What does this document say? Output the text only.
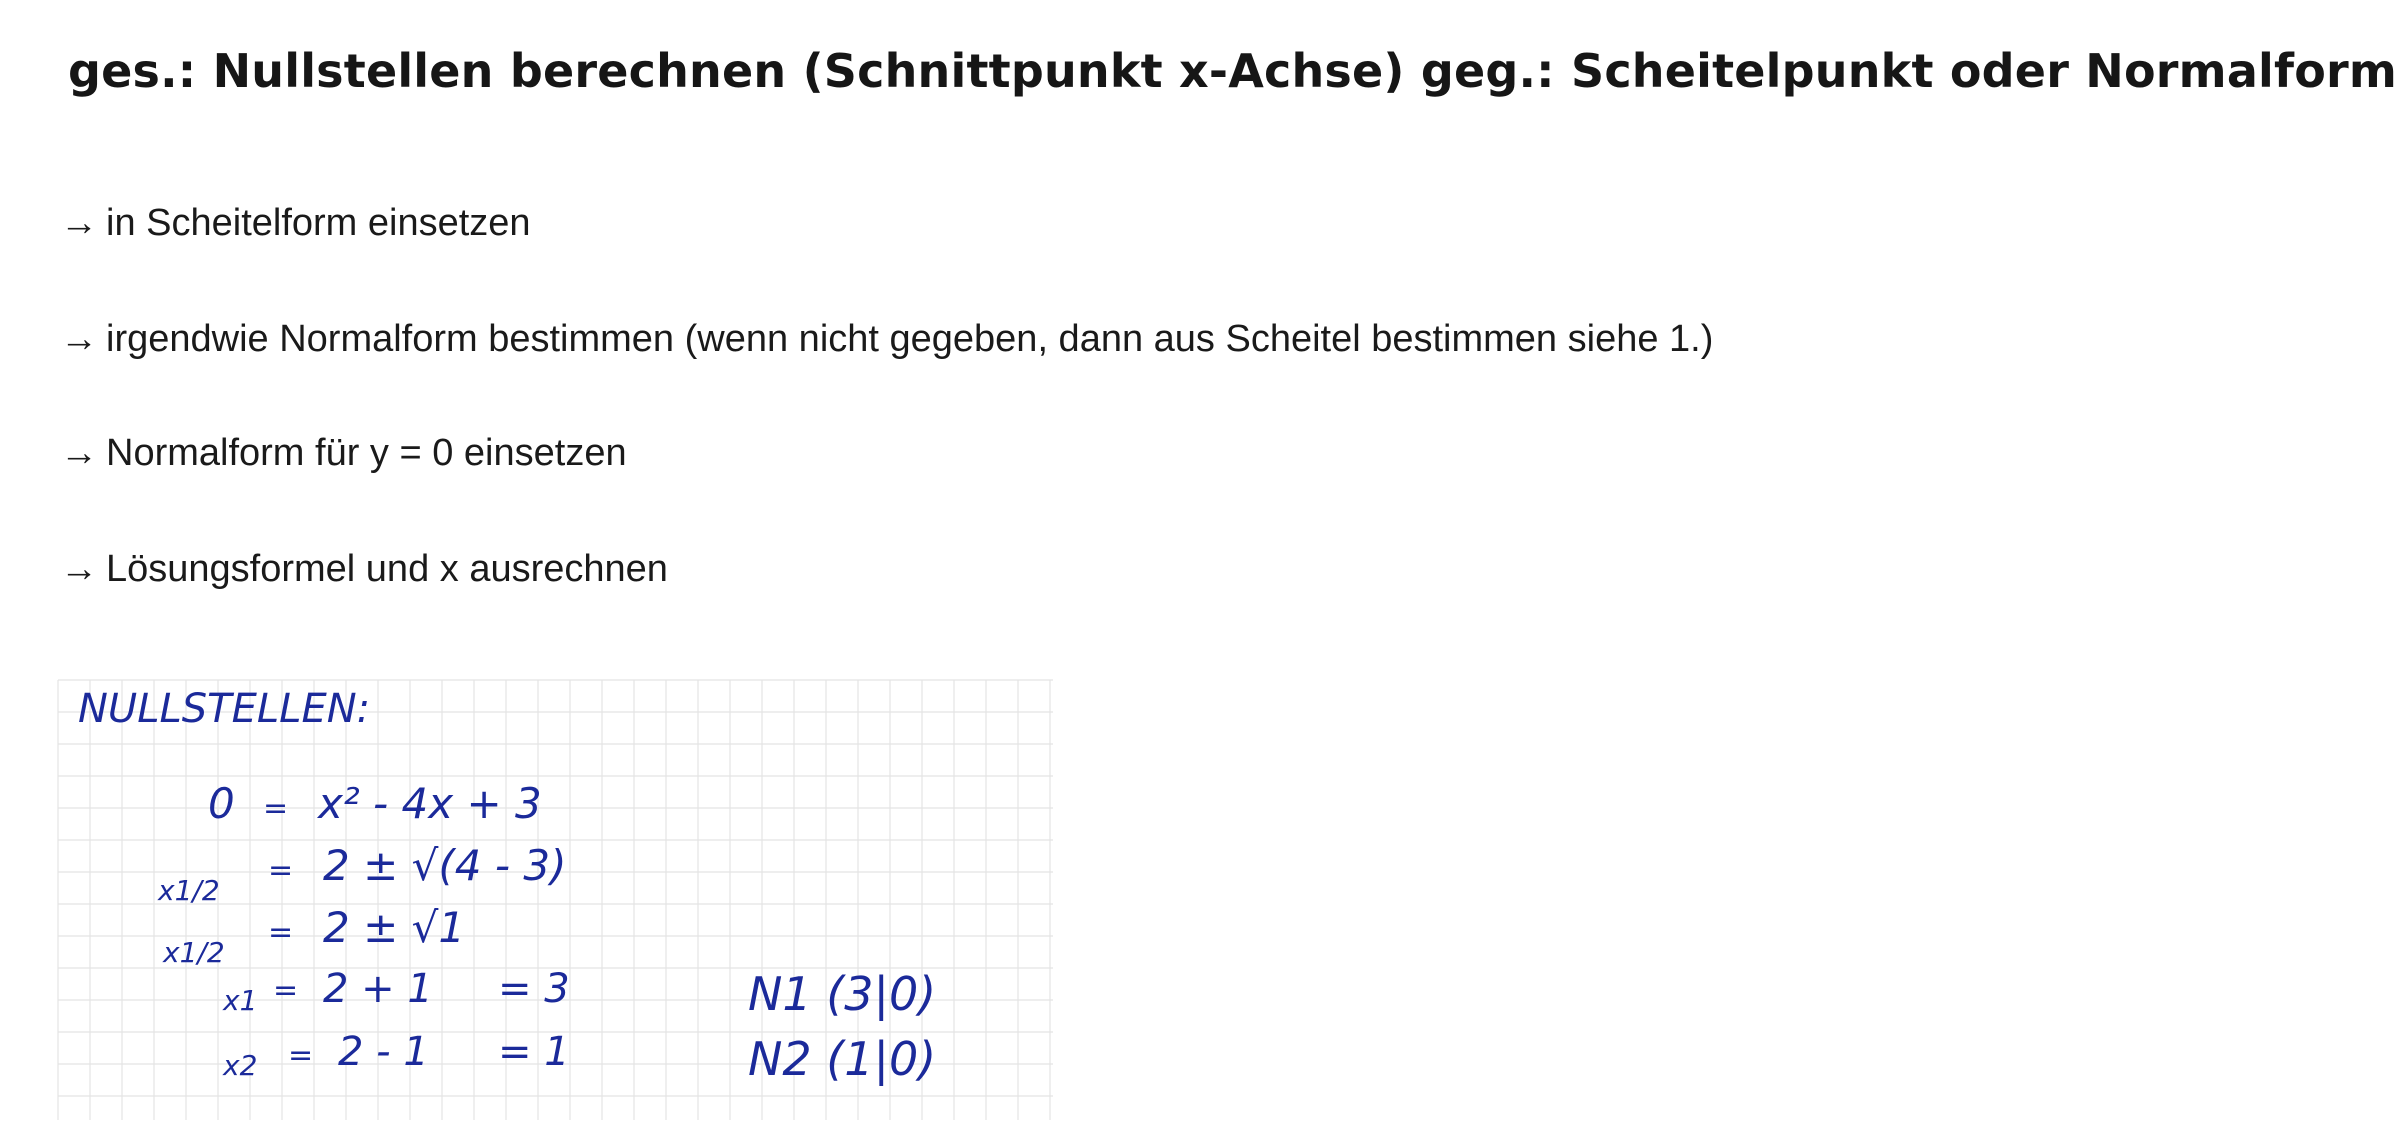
ges.: Nullstellen berechnen (Schnittpunkt x-Achse) geg.: Scheitelpunkt oder Normalform
→ in Scheitelform einsetzen
→ irgendwie Normalform bestimmen (wenn nicht gegeben, dann aus Scheitel bestimmen siehe 1.)
→ Normalform für y = 0 einsetzen
→ Lösungsformel und x ausrechnen
NULLSTELLEN:
0 = x² - 4x + 3
x1/2
= 2 ± √(4 - 3)
x1/2
= 2 ± √1
x1 = 2 + 1 = 3
x2 = 2 - 1 = 1
N1 (3|0)
N2 (1|0)
